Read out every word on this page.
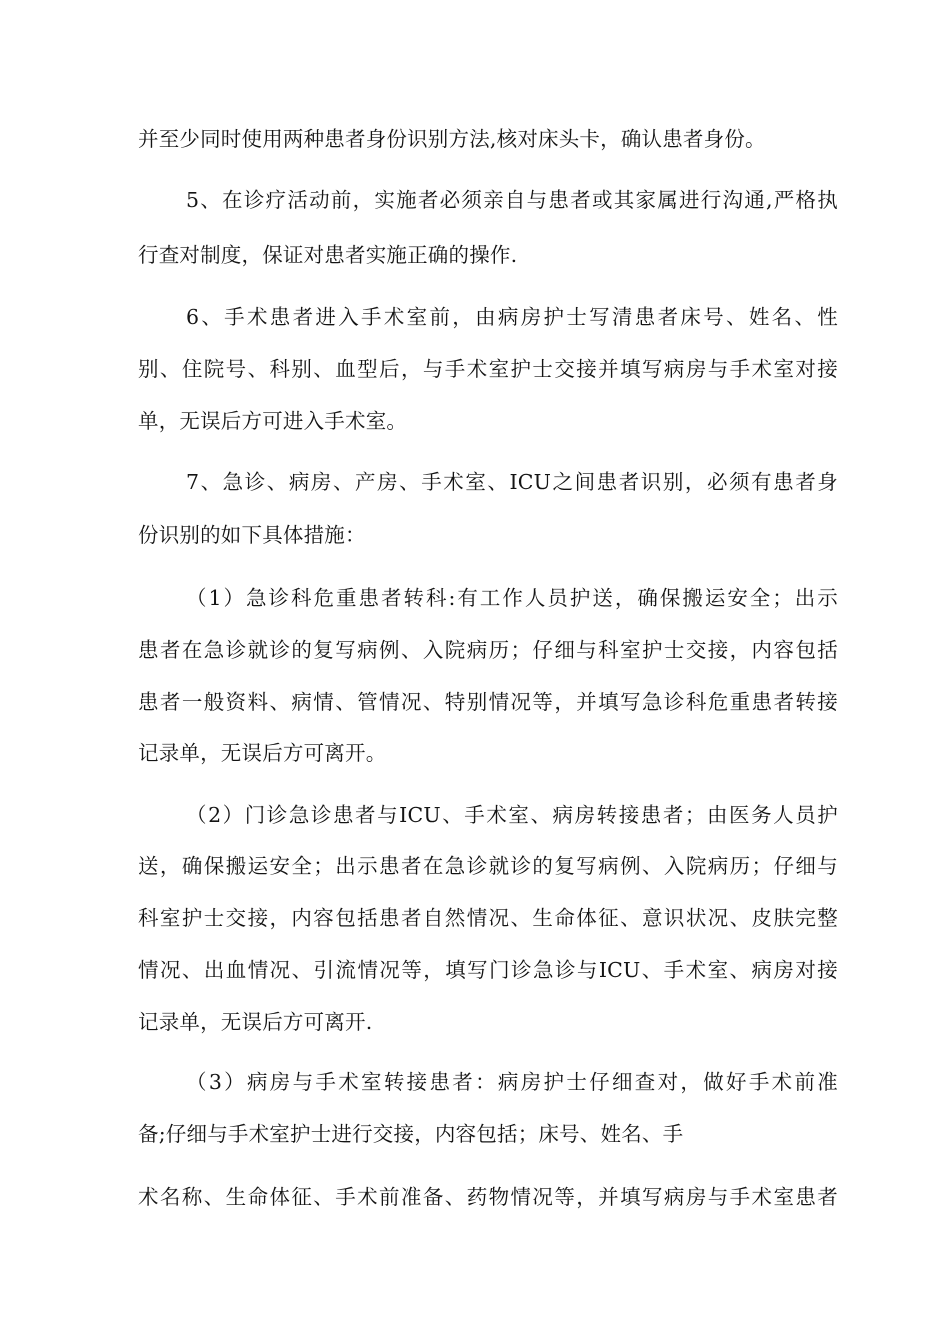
并至少同时使用两种患者身份识别方法,核对床头卡，确认患者身份。
5、在诊疗活动前，实施者必须亲自与患者或其家属进行沟通,严格执
行查对制度，保证对患者实施正确的操作.
6、手术患者进入手术室前，由病房护士写清患者床号、姓名、性
别、住院号、科别、血型后，与手术室护士交接并填写病房与手术室对接
单，无误后方可进入手术室。
7、急诊、病房、产房、手术室、ICU之间患者识别，必须有患者身
份识别的如下具体措施：
（1）急诊科危重患者转科:有工作人员护送，确保搬运安全；出示
患者在急诊就诊的复写病例、入院病历；仔细与科室护士交接，内容包括
患者一般资料、病情、管情况、特别情况等，并填写急诊科危重患者转接
记录单，无误后方可离开。
（2）门诊急诊患者与ICU、手术室、病房转接患者；由医务人员护
送，确保搬运安全；出示患者在急诊就诊的复写病例、入院病历；仔细与
科室护士交接，内容包括患者自然情况、生命体征、意识状况、皮肤完整
情况、出血情况、引流情况等，填写门诊急诊与ICU、手术室、病房对接
记录单，无误后方可离开.
（3）病房与手术室转接患者：病房护士仔细查对，做好手术前准
备;仔细与手术室护士进行交接，内容包括；床号、姓名、手
术名称、生命体征、手术前准备、药物情况等，并填写病房与手术室患者
